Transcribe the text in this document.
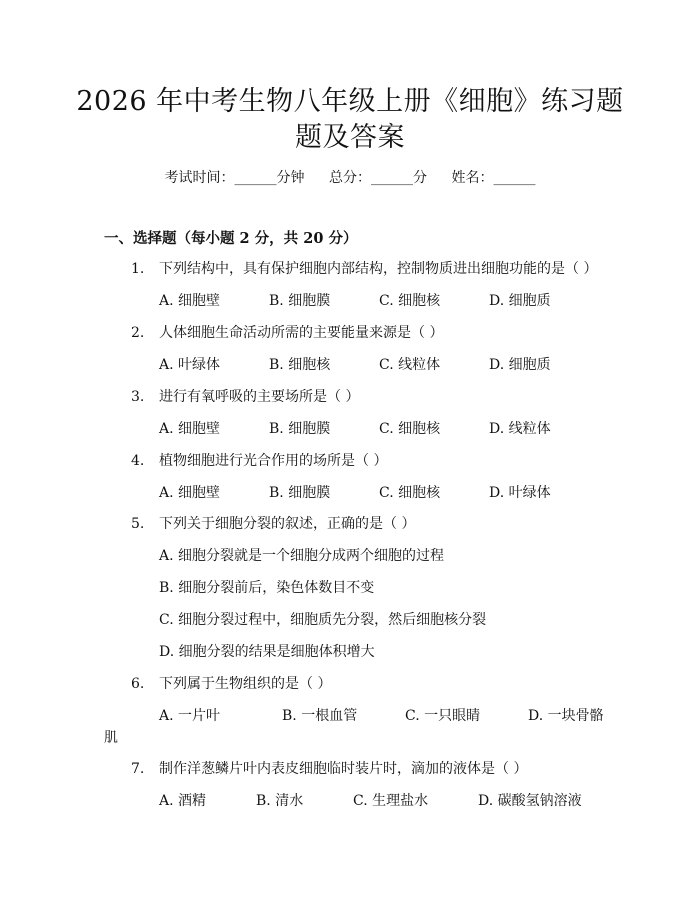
2026 年中考生物八年级上册《细胞》练习题
题及答案
考试时间：______分钟 总分：______分 姓名：______
一、选择题（每小题 2 分，共 20 分）
1. 下列结构中，具有保护细胞内部结构，控制物质进出细胞功能的是（ ）
A. 细胞壁	B. 细胞膜	C. 细胞核	D. 细胞质
2. 人体细胞生命活动所需的主要能量来源是（ ）
A. 叶绿体	B. 细胞核	C. 线粒体	D. 细胞质
3. 进行有氧呼吸的主要场所是（ ）
A. 细胞壁	B. 细胞膜	C. 细胞核	D. 线粒体
4. 植物细胞进行光合作用的场所是（ ）
A. 细胞壁	B. 细胞膜	C. 细胞核	D. 叶绿体
5. 下列关于细胞分裂的叙述，正确的是（ ）
A. 细胞分裂就是一个细胞分成两个细胞的过程
B. 细胞分裂前后，染色体数目不变
C. 细胞分裂过程中，细胞质先分裂，然后细胞核分裂
D. 细胞分裂的结果是细胞体积增大
6. 下列属于生物组织的是（ ）
A. 一片叶	B. 一根血管	C. 一只眼睛	D. 一块骨骼
肌
7. 制作洋葱鳞片叶内表皮细胞临时装片时，滴加的液体是（ ）
A. 酒精	B. 清水	C. 生理盐水	D. 碳酸氢钠溶液
